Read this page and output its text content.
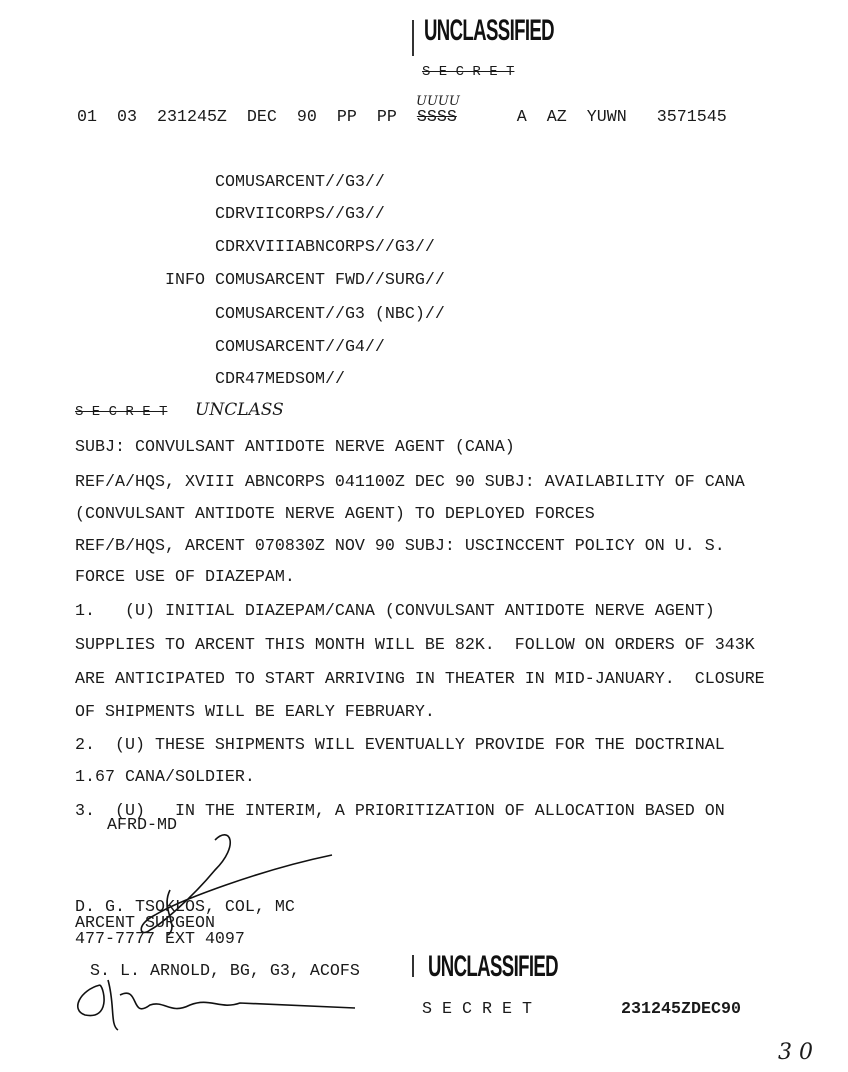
UNCLASSIFIED
S E C R E T
UUUU
01  03  231245Z  DEC  90  PP  PP  SSSS      A  AZ  YUWN   3571545
COMUSARCENT//G3//
CDRVIICORPS//G3//
CDRXVIIIABNCORPS//G3//
INFO COMUSARCENT FWD//SURG//
COMUSARCENT//G3 (NBC)//
COMUSARCENT//G4//
CDR47MEDSOM//
S E C R E T UNCLASS
SUBJ: CONVULSANT ANTIDOTE NERVE AGENT (CANA)
REF/A/HQS, XVIII ABNCORPS 041100Z DEC 90 SUBJ: AVAILABILITY OF CANA
(CONVULSANT ANTIDOTE NERVE AGENT) TO DEPLOYED FORCES
REF/B/HQS, ARCENT 070830Z NOV 90 SUBJ: USCINCCENT POLICY ON U. S.
FORCE USE OF DIAZEPAM.
1.   (U) INITIAL DIAZEPAM/CANA (CONVULSANT ANTIDOTE NERVE AGENT)
SUPPLIES TO ARCENT THIS MONTH WILL BE 82K.  FOLLOW ON ORDERS OF 343K
ARE ANTICIPATED TO START ARRIVING IN THEATER IN MID-JANUARY.  CLOSURE
OF SHIPMENTS WILL BE EARLY FEBRUARY.
2.  (U) THESE SHIPMENTS WILL EVENTUALLY PROVIDE FOR THE DOCTRINAL
1.67 CANA/SOLDIER.
3.  (U)   IN THE INTERIM, A PRIORITIZATION OF ALLOCATION BASED ON
AFRD-MD
D. G. TSOKLOS, COL, MC
ARCENT SURGEON
477-7777 EXT 4097
S. L. ARNOLD, BG, G3, ACOFS UNCLASSIFIED
S E C R E T	231245ZDEC90
3 0
